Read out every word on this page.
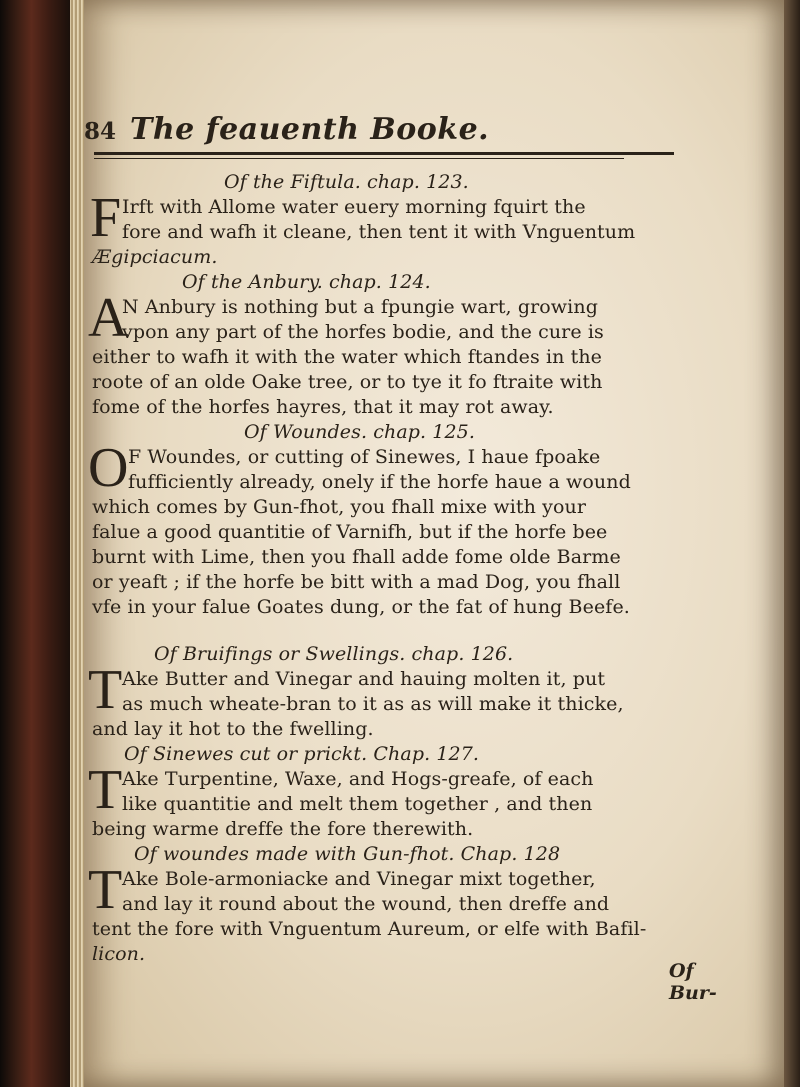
84 The feauenth Booke.
Of the Fiftula. chap. 123.
F Irft with Allome water euery morning fquirt the
fore and wafh it cleane, then tent it with Vnguentum
Ægipciacum.
Of the Anbury. chap. 124.
A
N Anbury is nothing but a fpungie wart, growing
vpon any part of the horfes bodie, and the cure is
either to wafh it with the water which ftandes in the
roote of an olde Oake tree, or to tye it fo ftraite with
fome of the horfes hayres, that it may rot away.
Of Woundes. chap. 125.
O F Woundes, or cutting of Sinewes, I haue fpoake
fufficiently already, onely if the horfe haue a wound
which comes by Gun-fhot, you fhall mixe with your
falue a good quantitie of Varnifh, but if the horfe bee
burnt with Lime, then you fhall adde fome olde Barme
or yeaft ; if the horfe be bitt with a mad Dog, you fhall
vfe in your falue Goates dung, or the fat of hung Beefe.
Of Bruifings or Swellings. chap. 126.
T Ake Butter and Vinegar and hauing molten it, put
as much wheate-bran to it as as will make it thicke,
and lay it hot to the fwelling.
Of Sinewes cut or prickt. Chap. 127.
T Ake Turpentine, Waxe, and Hogs-greafe, of each
like quantitie and melt them together , and then
being warme dreffe the fore therewith.
Of woundes made with Gun-fhot. Chap. 128
T Ake Bole-armoniacke and Vinegar mixt together,
and lay it round about the wound, then dreffe and
tent the fore with Vnguentum Aureum, or elfe with Bafil-
licon.
Of Bur-
